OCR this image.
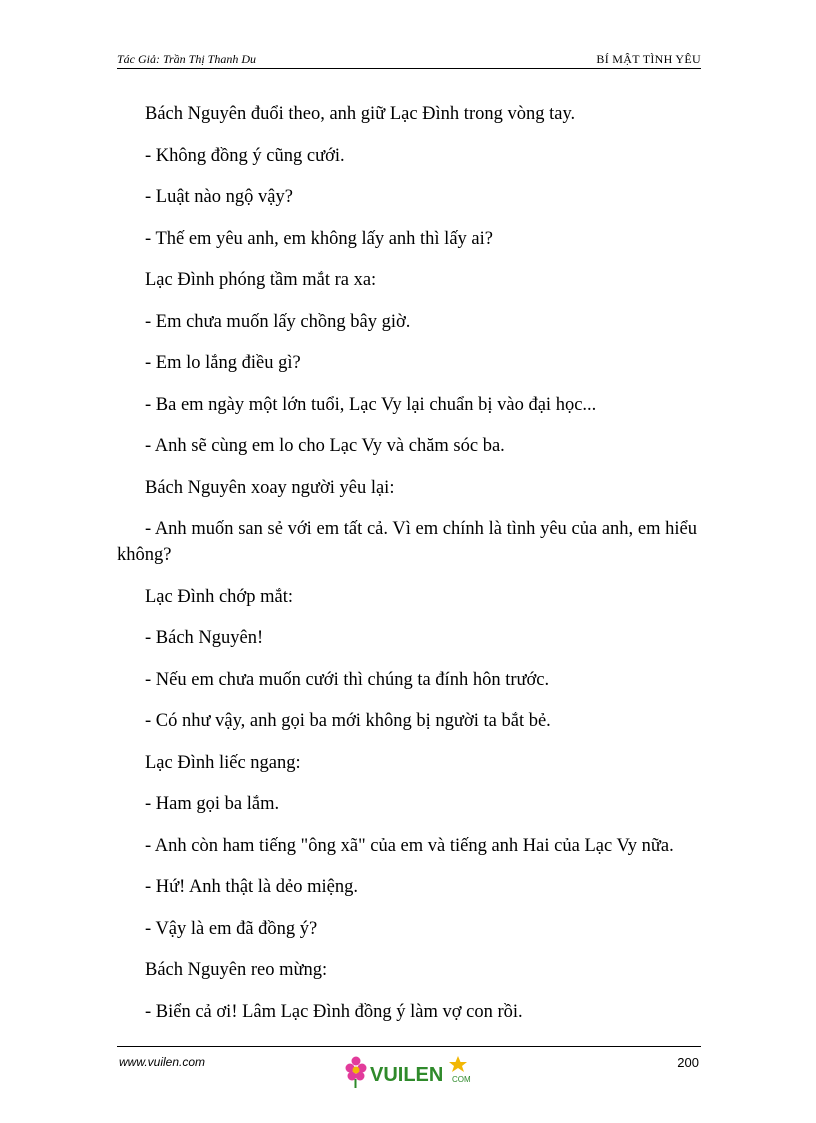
Tác Giả: Trần Thị Thanh Du	BÍ MẬT TÌNH YÊU

Bách Nguyên đuổi theo, anh giữ Lạc Đình trong vòng tay.

- Không đồng ý cũng cưới.

- Luật nào ngộ vậy?

- Thế em yêu anh, em không lấy anh thì lấy ai?

Lạc Đình phóng tầm mắt ra xa:

- Em chưa muốn lấy chồng bây giờ.

- Em lo lắng điều gì?

- Ba em ngày một lớn tuổi, Lạc Vy lại chuẩn bị vào đại học...

- Anh sẽ cùng em lo cho Lạc Vy và chăm sóc ba.

Bách Nguyên xoay người yêu lại:

- Anh muốn san sẻ với em tất cả. Vì em chính là tình yêu của anh, em hiểu không?

Lạc Đình chớp mắt:

- Bách Nguyên!

- Nếu em chưa muốn cưới thì chúng ta đính hôn trước.

- Có như vậy, anh gọi ba mới không bị người ta bắt bẻ.

Lạc Đình liếc ngang:

- Ham gọi ba lắm.

- Anh còn ham tiếng "ông xã" của em và tiếng anh Hai của Lạc Vy nữa.

- Hứ! Anh thật là dẻo miệng.

- Vậy là em đã đồng ý?

Bách Nguyên reo mừng:

- Biển cả ơi! Lâm Lạc Đình đồng ý làm vợ con rồi.

www.vuilen.com
VUILEN COM
200
